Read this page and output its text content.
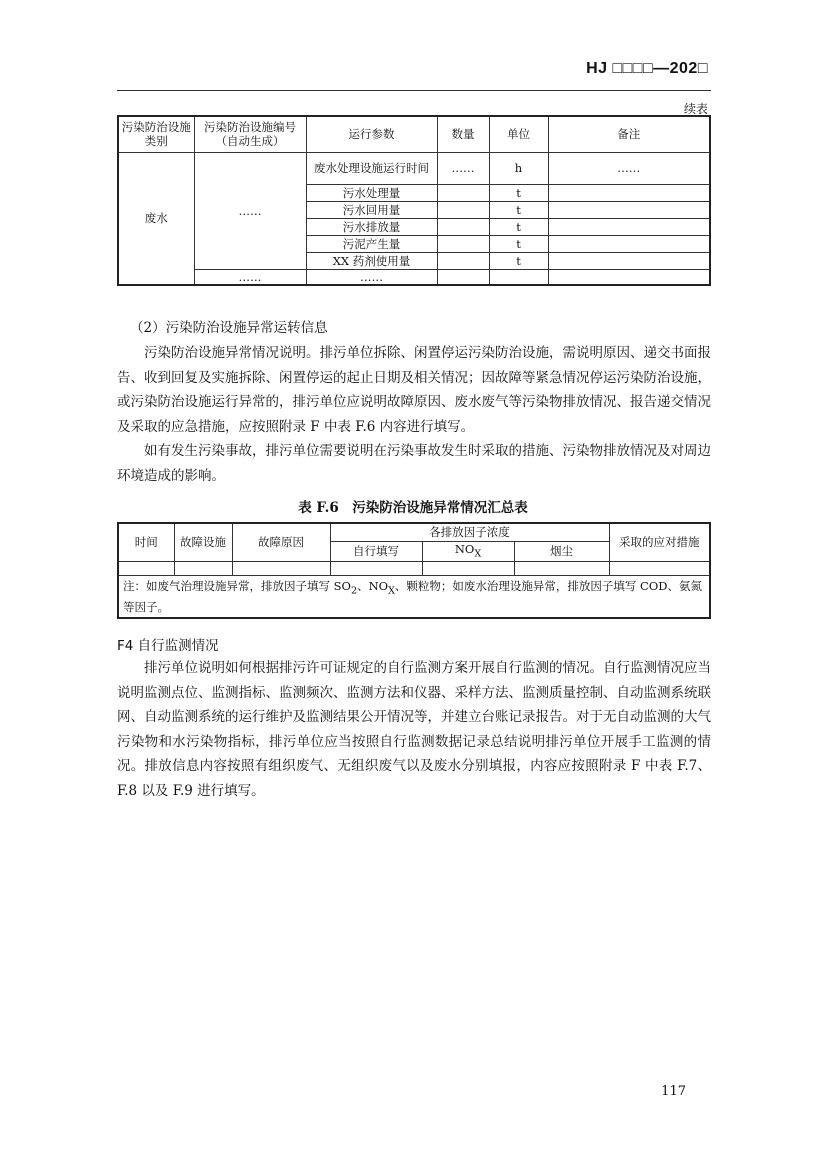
HJ □□□□—202□
续表
污染防治设施类别	污染防治设施编号（自动生成）	运行参数	数量	单位	备注
废水	……	废水处理设施运行时间	……	h	……
		污水处理量		t	
		污水回用量		t	
		污水排放量		t	
		污泥产生量		t	
		XX 药剂使用量		t	
	……	……			
（2）污染防治设施异常运转信息

污染防治设施异常情况说明。排污单位拆除、闲置停运污染防治设施，需说明原因、递交书面报告、收到回复及实施拆除、闲置停运的起止日期及相关情况；因故障等紧急情况停运污染防治设施，或污染防治设施运行异常的，排污单位应说明故障原因、废水废气等污染物排放情况、报告递交情况及采取的应急措施，应按照附录 F 中表 F.6 内容进行填写。

如有发生污染事故，排污单位需要说明在污染事故发生时采取的措施、污染物排放情况及对周边环境造成的影响。

表 F.6　污染防治设施异常情况汇总表
时间	故障设施	故障原因	各排放因子浓度			采取的应对措施
			自行填写	$NO_X$	烟尘	

注：如废气治理设施异常，排放因子填写 $SO_2$、$NO_X$、颗粒物；如废水治理设施异常，排放因子填写 COD、氨氮等因子。						
F4 自行监测情况

排污单位说明如何根据排污许可证规定的自行监测方案开展自行监测的情况。自行监测情况应当说明监测点位、监测指标、监测频次、监测方法和仪器、采样方法、监测质量控制、自动监测系统联网、自动监测系统的运行维护及监测结果公开情况等，并建立台账记录报告。对于无自动监测的大气污染物和水污染物指标，排污单位应当按照自行监测数据记录总结说明排污单位开展手工监测的情况。排放信息内容按照有组织废气、无组织废气以及废水分别填报，内容应按照附录 F 中表 F.7、F.8 以及 F.9 进行填写。

117
